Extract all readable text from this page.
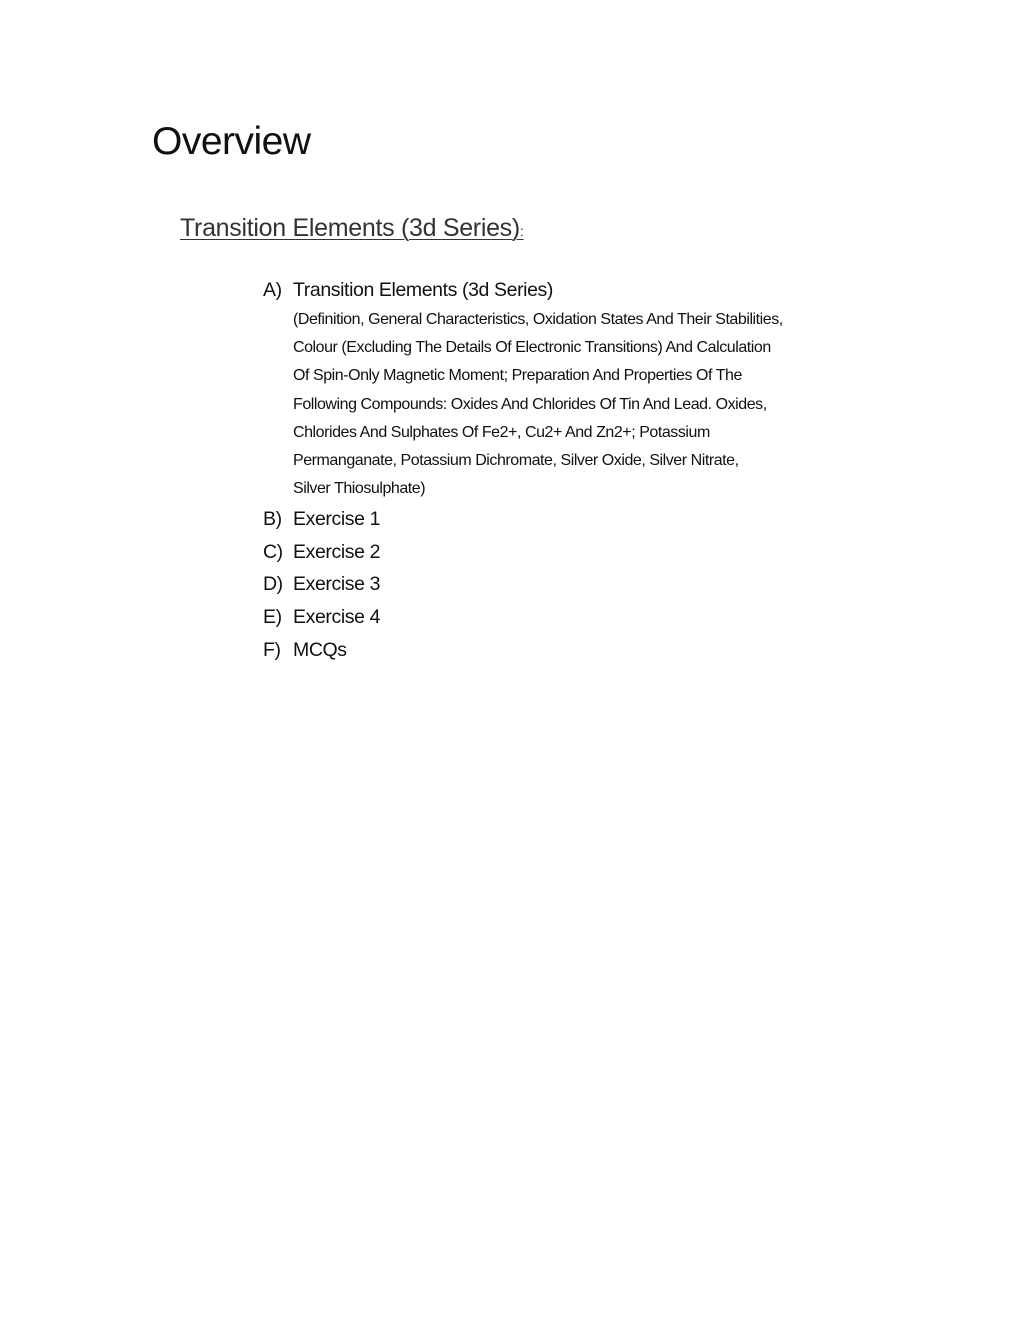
Overview
Transition Elements (3d Series):
A) Transition Elements (3d Series)
(Definition, General Characteristics, Oxidation States And Their Stabilities,
Colour (Excluding The Details Of Electronic Transitions) And Calculation
Of Spin-Only Magnetic Moment; Preparation And Properties Of The
Following Compounds: Oxides And Chlorides Of Tin And Lead. Oxides,
Chlorides And Sulphates Of Fe2+, Cu2+ And Zn2+; Potassium
Permanganate, Potassium Dichromate, Silver Oxide, Silver Nitrate,
Silver Thiosulphate)
B) Exercise 1
C) Exercise 2
D) Exercise 3
E) Exercise 4
F) MCQs
